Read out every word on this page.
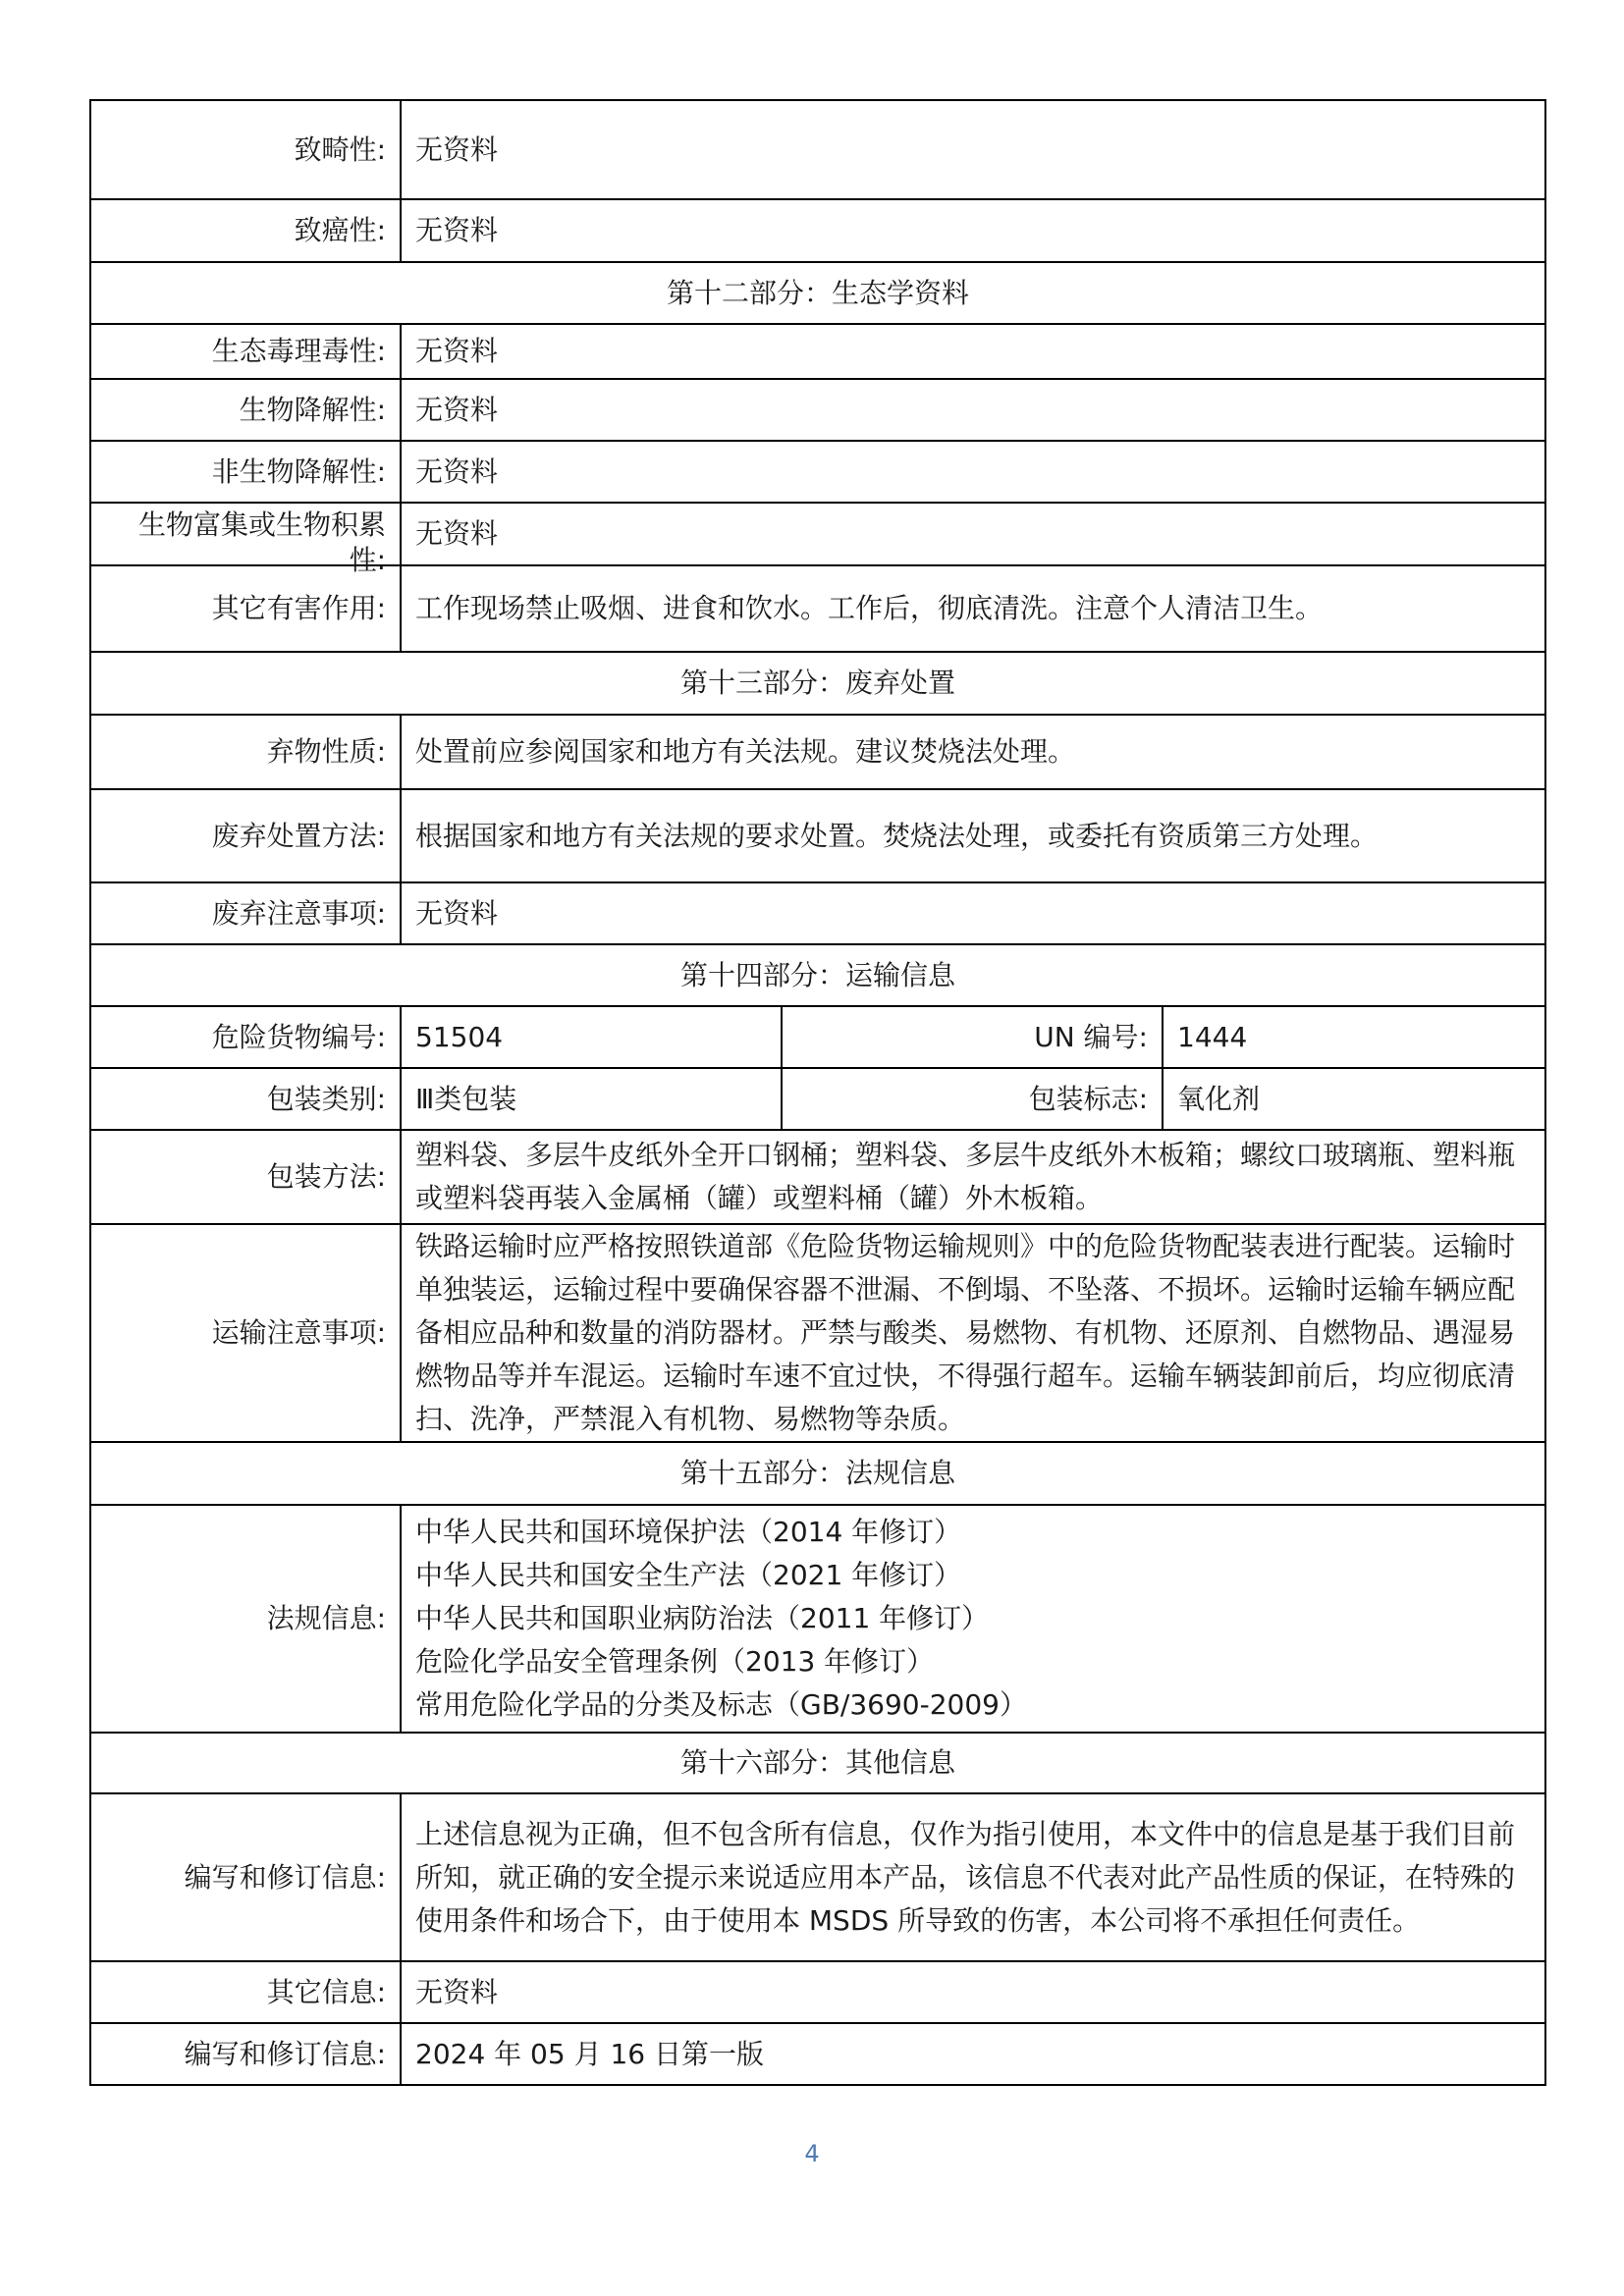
致畸性:	无资料		
致癌性:	无资料		
第十二部分：生态学资料			
生态毒理毒性:	无资料		
生物降解性:	无资料		
非生物降解性:	无资料		

生物富集或生物积累性:	无资料		
其它有害作用:	工作现场禁止吸烟、进食和饮水。工作后，彻底清洗。注意个人清洁卫生。		
第十三部分：废弃处置			
弃物性质:	处置前应参阅国家和地方有关法规。建议焚烧法处理。		
废弃处置方法:	根据国家和地方有关法规的要求处置。焚烧法处理，或委托有资质第三方处理。		
废弃注意事项:	无资料		
第十四部分：运输信息			
危险货物编号:	51504	UN 编号:	1444
包装类别:	Ⅲ类包装	包装标志:	氧化剂
包装方法:	塑料袋、多层牛皮纸外全开口钢桶；塑料袋、多层牛皮纸外木板箱；螺纹口玻璃瓶、塑料瓶或塑料袋再装入金属桶（罐）或塑料桶（罐）外木板箱。		
运输注意事项:	铁路运输时应严格按照铁道部《危险货物运输规则》中的危险货物配装表进行配装。运输时单独装运，运输过程中要确保容器不泄漏、不倒塌、不坠落、不损坏。运输时运输车辆应配备相应品种和数量的消防器材。严禁与酸类、易燃物、有机物、还原剂、自燃物品、遇湿易燃物品等并车混运。运输时车速不宜过快，不得强行超车。运输车辆装卸前后，均应彻底清扫、洗净，严禁混入有机物、易燃物等杂质。		
第十五部分：法规信息			
法规信息:	中华人民共和国环境保护法（2014 年修订）
中华人民共和国安全生产法（2021 年修订）
中华人民共和国职业病防治法（2011 年修订）
危险化学品安全管理条例（2013 年修订）
常用危险化学品的分类及标志（GB/3690-2009）		

第十六部分：其他信息			
编写和修订信息:	上述信息视为正确，但不包含所有信息，仅作为指引使用，本文件中的信息是基于我们目前所知，就正确的安全提示来说适应用本产品，该信息不代表对此产品性质的保证，在特殊的使用条件和场合下，由于使用本 MSDS 所导致的伤害，本公司将不承担任何责任。		
其它信息:	无资料		
编写和修订信息:	2024 年 05 月 16 日第一版		
4
